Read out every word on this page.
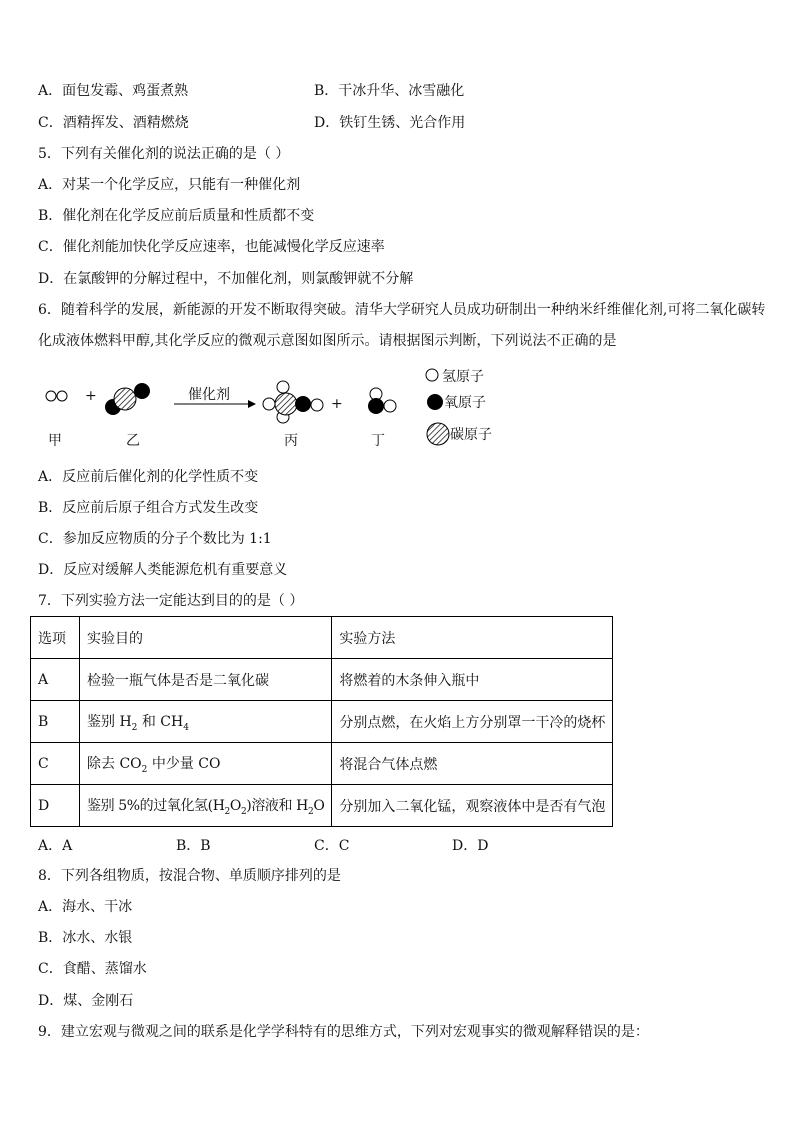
A．面包发霉、鸡蛋煮熟	B．干冰升华、冰雪融化
C．酒精挥发、酒精燃烧	D．铁钉生锈、光合作用
5．下列有关催化剂的说法正确的是（ ）
A．对某一个化学反应，只能有一种催化剂
B．催化剂在化学反应前后质量和性质都不变
C．催化剂能加快化学反应速率，也能减慢化学反应速率
D．在氯酸钾的分解过程中，不加催化剂，则氯酸钾就不分解
6．随着科学的发展，新能源的开发不断取得突破。清华大学研究人员成功研制出一种纳米纤维催化剂,可将二氧化碳转
化成液体燃料甲醇,其化学反应的微观示意图如图所示。请根据图示判断，下列说法不正确的是
+	+
催化剂
甲	乙	丙	丁
氢原子
氧原子
碳原子
A．反应前后催化剂的化学性质不变
B．反应前后原子组合方式发生改变
C．参加反应物质的分子个数比为 1:1
D．反应对缓解人类能源危机有重要意义
7．下列实验方法一定能达到目的的是（ ）
选项	实验目的	实验方法
A	检验一瓶气体是否是二氧化碳	将燃着的木条伸入瓶中
B	鉴别 $H_2$ 和 $CH_4$	分别点燃，在火焰上方分别罩一干冷的烧杯
C	除去 $CO_2$ 中少量 CO	将混合气体点燃
D	鉴别 5%的过氧化氢$(H_2O_2)$溶液和 $H_2O$	分别加入二氧化锰，观察液体中是否有气泡
A．A	B．B	C．C	D．D
8．下列各组物质，按混合物、单质顺序排列的是
A．海水、干冰
B．冰水、水银
C．食醋、蒸馏水
D．煤、金刚石
9．建立宏观与微观之间的联系是化学学科特有的思维方式，下列对宏观事实的微观解释错误的是：
